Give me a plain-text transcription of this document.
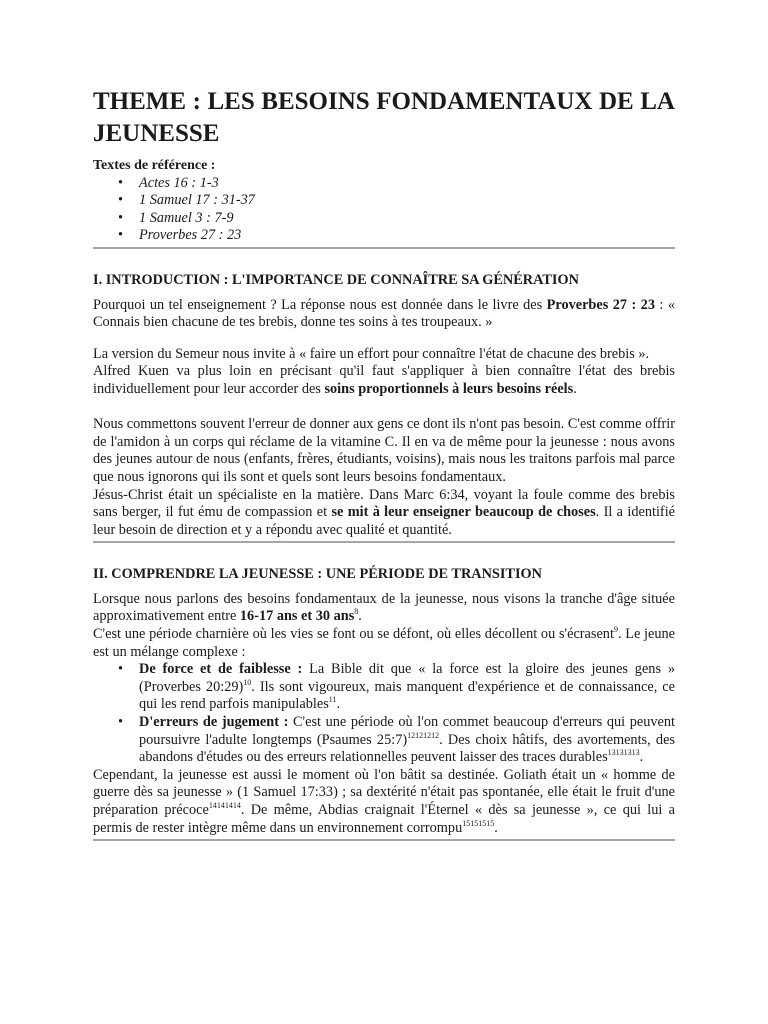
THEME : LES BESOINS FONDAMENTAUX DE LA JEUNESSE
Textes de référence :
• Actes 16 : 1-3
• 1 Samuel 17 : 31-37
• 1 Samuel 3 : 7-9
• Proverbes 27 : 23
I. INTRODUCTION : L'IMPORTANCE DE CONNAÎTRE SA GÉNÉRATION

Pourquoi un tel enseignement ? La réponse nous est donnée dans le livre des Proverbes 27 : 23 : « Connais bien chacune de tes brebis, donne tes soins à tes troupeaux. »

La version du Semeur nous invite à « faire un effort pour connaître l'état de chacune des brebis ».

Alfred Kuen va plus loin en précisant qu'il faut s'appliquer à bien connaître l'état des brebis individuellement pour leur accorder des soins proportionnels à leurs besoins réels.

Nous commettons souvent l'erreur de donner aux gens ce dont ils n'ont pas besoin. C'est comme offrir de l'amidon à un corps qui réclame de la vitamine C. Il en va de même pour la jeunesse : nous avons des jeunes autour de nous (enfants, frères, étudiants, voisins), mais nous les traitons parfois mal parce que nous ignorons qui ils sont et quels sont leurs besoins fondamentaux.

Jésus-Christ était un spécialiste en la matière. Dans Marc 6:34, voyant la foule comme des brebis sans berger, il fut ému de compassion et se mit à leur enseigner beaucoup de choses. Il a identifié leur besoin de direction et y a répondu avec qualité et quantité.

II. COMPRENDRE LA JEUNESSE : UNE PÉRIODE DE TRANSITION

Lorsque nous parlons des besoins fondamentaux de la jeunesse, nous visons la tranche d'âge située approximativement entre 16-17 ans et 30 ans$^8$.

C'est une période charnière où les vies se font ou se défont, où elles décollent ou s'écrasent$^9$. Le jeune est un mélange complexe :

• De force et de faiblesse : La Bible dit que « la force est la gloire des jeunes gens » (Proverbes 20:29)$^{10}$. Ils sont vigoureux, mais manquent d'expérience et de connaissance, ce qui les rend parfois manipulables$^{11}$.
• D'erreurs de jugement : C'est une période où l'on commet beaucoup d'erreurs qui peuvent poursuivre l'adulte longtemps (Psaumes 25:7)$^{12121212}$. Des choix hâtifs, des avortements, des abandons d'études ou des erreurs relationnelles peuvent laisser des traces durables$^{13131313}$.

Cependant, la jeunesse est aussi le moment où l'on bâtit sa destinée. Goliath était un « homme de guerre dès sa jeunesse » (1 Samuel 17:33) ; sa dextérité n'était pas spontanée, elle était le fruit d'une préparation précoce$^{14141414}$. De même, Abdias craignait l'Éternel « dès sa jeunesse », ce qui lui a permis de rester intègre même dans un environnement corrompu$^{15151515}$.
